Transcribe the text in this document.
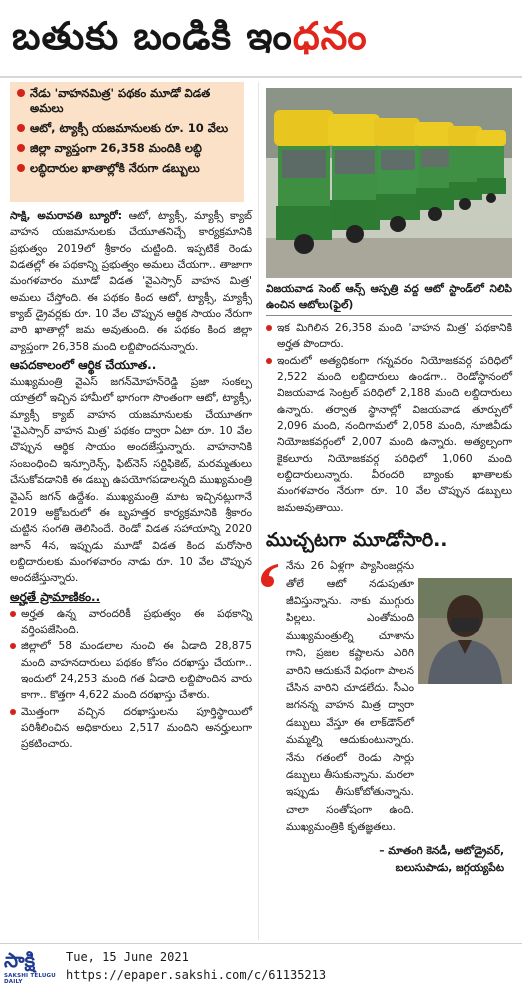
బతుకు బండికి ఇంధనం
నేడు 'వాహనమిత్ర' పథకం మూడో విడత అమలు
ఆటో, ట్యాక్సీ యజమానులకు రూ. 10 వేలు
జిల్లా వ్యాప్తంగా 26,358 మందికి లబ్ధి
లబ్ధిదారుల ఖాతాల్లోకి నేరుగా డబ్బులు

సాక్షి, అమరావతి బ్యూరో: ఆటో, ట్యాక్సీ, మ్యాక్సీ క్యాబ్‌ వాహన యజమానులకు చేయూతనిచ్చే కార్యక్రమానికి ప్రభుత్వం 2019లో శ్రీకారం చుట్టింది. ఇప్పటికే రెండు విడతల్లో ఈ పథకాన్ని ప్రభుత్వం అమలు చేయగా.. తాజాగా మంగళవారం మూడో విడత 'వైఎస్సార్‌ వాహన మిత్ర' అమలు చేస్తోంది. ఈ పథకం కింద ఆటో, ట్యాక్సీ, మ్యాక్సీ క్యాబ్‌ డ్రైవర్లకు రూ. 10 వేల చొప్పున ఆర్థిక సాయం నేరుగా వారి ఖాతాల్లో జమ అవుతుంది. ఈ పథకం కింద జిల్లా వ్యాప్తంగా 26,358 మంది లబ్దిపొందనున్నారు.

ఆపదకాలంలో ఆర్థిక చేయూత..

ముఖ్యమంత్రి వైఎస్‌ జగన్‌మోహన్‌రెడ్డి ప్రజా సంకల్ప యాత్రలో ఇచ్చిన హామీలో భాగంగా సొంతంగా ఆటో, ట్యాక్సీ, మ్యాక్సీ క్యాబ్‌ వాహన యజమానులకు చేయూతగా 'వైఎస్సార్‌ వాహన మిత్ర' పథకం ద్వారా ఏటా రూ. 10 వేల చొప్పున ఆర్థిక సాయం అందజేస్తున్నారు. వాహనానికి సంబంధించి ఇన్సూరెన్స్‌, ఫిట్‌నెస్‌ సర్టిఫికెట్‌, మరమ్మతులు చేసుకోవడానికి ఈ డబ్బు ఉపయోగపడాలన్నది ముఖ్యమంత్రి వైఎస్‌ జగన్‌ ఉద్దేశం. ముఖ్యమంత్రి మాట ఇచ్చినట్లుగానే 2019 అక్టోబరులో ఈ బృహత్తర కార్యక్రమానికి శ్రీకారం చుట్టిన సంగతి తెలిసిందే. రెండో విడత సహాయాన్ని 2020 జూన్‌ 4న, ఇప్పుడు మూడో విడత కింద మరోసారి లబ్దిదారులకు మంగళవారం నాడు రూ. 10 వేల చొప్పున అందజేస్తున్నారు.

అర్హతే ప్రామాణికం..

అర్హత ఉన్న వారందరికీ ప్రభుత్వం ఈ పథకాన్ని వర్తింపజేసింది.

జిల్లాలో 58 మండలాల నుంచి ఈ ఏడాది 28,875 మంది వాహనదారులు పథకం కోసం దరఖాస్తు చేయగా.. ఇందులో 24,253 మంది గత ఏడాది లబ్దిపొందిన వారు కాగా.. కొత్తగా 4,622 మంది దరఖాస్తు చేశారు.

మొత్తంగా వచ్చిన దరఖాస్తులను పూర్తిస్థాయిలో పరిశీలించిన అధికారులు 2,517 మందిని అనర్హులుగా ప్రకటించారు.

విజయవాడ సెంట్‌ ఆన్స్‌ ఆస్పత్రి వద్ద ఆటో స్టాండ్‌లో నిలిపి ఉంచిన ఆటోలు(ఫైల్‌)

ఇక మిగిలిన 26,358 మంది 'వాహన మిత్ర' పథకానికి అర్హత పొందారు.

ఇందులో అత్యధికంగా గన్నవరం నియోజకవర్గ పరిధిలో 2,522 మంది లబ్దిదారులు ఉండగా.. రెండోస్థానంలో విజయవాడ సెంట్రల్‌ పరిధిలో 2,188 మంది లబ్దిదారులు ఉన్నారు. తర్వాత స్థానాల్లో విజయవాడ తూర్పులో 2,096 మంది, నందిగామలో 2,058 మంది, నూజివీడు నియోజకవర్గంలో 2,007 మంది ఉన్నారు. అత్యల్పంగా కైకలూరు నియోజకవర్గ పరిధిలో 1,060 మంది లబ్దిదారులున్నారు. వీరందరి బ్యాంకు ఖాతాలకు మంగళవారం నేరుగా రూ. 10 వేల చొప్పున డబ్బులు జమఅవుతాయి.

ముచ్చటగా మూడోసారి..

నేను 26 ఏళ్లగా ప్యాసింజర్లను తోలే ఆటో నడుపుతూ జీవిస్తున్నాను. నాకు ముగ్గురు పిల్లలు. ఎంతోమంది ముఖ్యమంత్రుల్ని చూశాను గాని, ప్రజల కష్టాలను ఎరిగి వారిని ఆదుకునే విధంగా పాలన చేసిన వారిని చూడలేదు. సీఎం జగనన్న వాహన మిత్ర ద్వారా డబ్బులు వేస్తూ ఈ లాక్‌డౌన్‌లో మమ్మల్ని ఆదుకుంటున్నారు. నేను గతంలో రెండు సార్లు డబ్బులు తీసుకున్నాను. మరలా ఇప్పుడు తీసుకోబోతున్నాను. చాలా సంతోషంగా ఉంది. ముఖ్యమంత్రికి కృతజ్ఞతలు.

– మాతంగి కెనడీ, ఆటోడ్రైవర్‌,
బలుసుపాడు, జగ్గయ్యపేట
సాక్షి
SAKSHI TELUGU DAILY
Tue, 15 June 2021
https://epaper.sakshi.com/c/61135213
